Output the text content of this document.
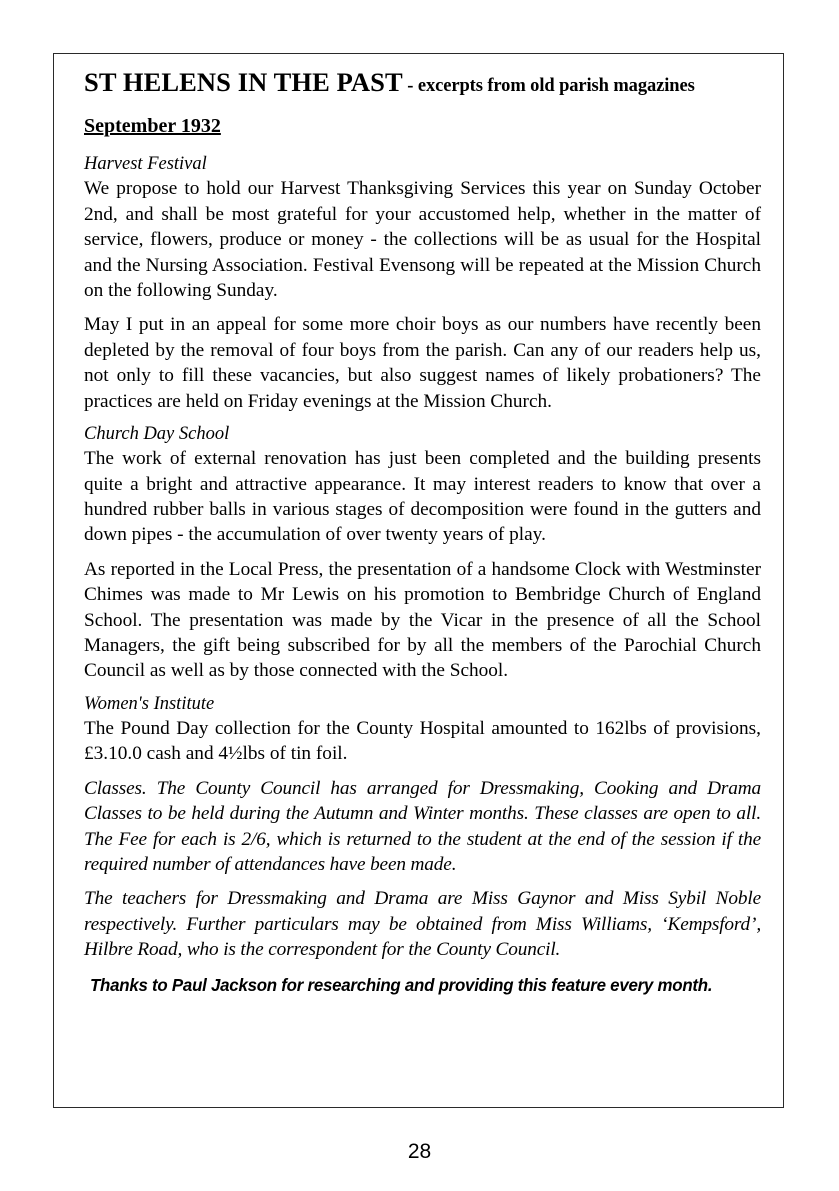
ST HELENS IN THE PAST - excerpts from old parish magazines
September 1932
Harvest Festival

We propose to hold our Harvest Thanksgiving Services this year on Sunday October 2nd, and shall be most grateful for your accustomed help, whether in the matter of service, flowers, produce or money - the collections will be as usual for the Hospital and the Nursing Association. Festival Evensong will be repeated at the Mission Church on the following Sunday.

May I put in an appeal for some more choir boys as our numbers have recently been depleted by the removal of four boys from the parish. Can any of our readers help us, not only to fill these vacancies, but also suggest names of likely probationers? The practices are held on Friday evenings at the Mission Church.

Church Day School

The work of external renovation has just been completed and the building presents quite a bright and attractive appearance. It may interest readers to know that over a hundred rubber balls in various stages of decomposition were found in the gutters and down pipes - the accumulation of over twenty years of play.

As reported in the Local Press, the presentation of a handsome Clock with Westminster Chimes was made to Mr Lewis on his promotion to Bembridge Church of England School. The presentation was made by the Vicar in the presence of all the School Managers, the gift being subscribed for by all the members of the Parochial Church Council as well as by those connected with the School.

Women's Institute

The Pound Day collection for the County Hospital amounted to 162lbs of provisions, £3.10.0 cash and 4½lbs of tin foil.

Classes. The County Council has arranged for Dressmaking, Cooking and Drama Classes to be held during the Autumn and Winter months. These classes are open to all. The Fee for each is 2/6, which is returned to the student at the end of the session if the required number of attendances have been made.

The teachers for Dressmaking and Drama are Miss Gaynor and Miss Sybil Noble respectively. Further particulars may be obtained from Miss Williams, ‘Kempsford’, Hilbre Road, who is the correspondent for the County Council.

Thanks to Paul Jackson for researching and providing this feature every month.
28
